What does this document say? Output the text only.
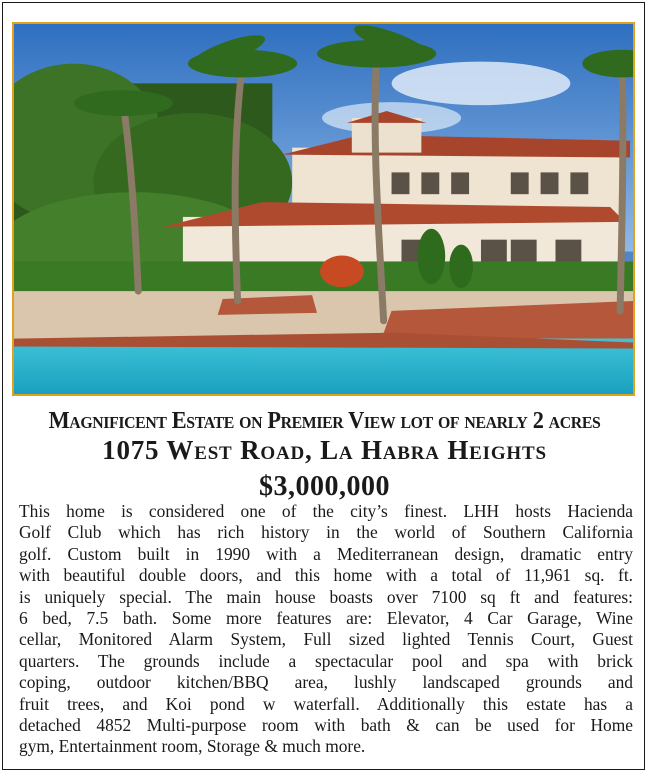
Magnificent Estate on Premier View lot of nearly 2 acres
1075 West Road, La Habra Heights
$3,000,000
This home is considered one of the city’s finest. LHH hosts Hacienda
Golf Club which has rich history in the world of Southern California
golf. Custom built in 1990 with a Mediterranean design, dramatic entry
with beautiful double doors, and this home with a total of 11,961 sq. ft.
is uniquely special. The main house boasts over 7100 sq ft and features:
6 bed, 7.5 bath. Some more features are: Elevator, 4 Car Garage, Wine
cellar, Monitored Alarm System, Full sized lighted Tennis Court, Guest
quarters. The grounds include a spectacular pool and spa with brick
coping, outdoor kitchen/BBQ area, lushly landscaped grounds and
fruit trees, and Koi pond w waterfall. Additionally this estate has a
detached 4852 Multi-purpose room with bath & can be used for Home
gym, Entertainment room, Storage & much more.
